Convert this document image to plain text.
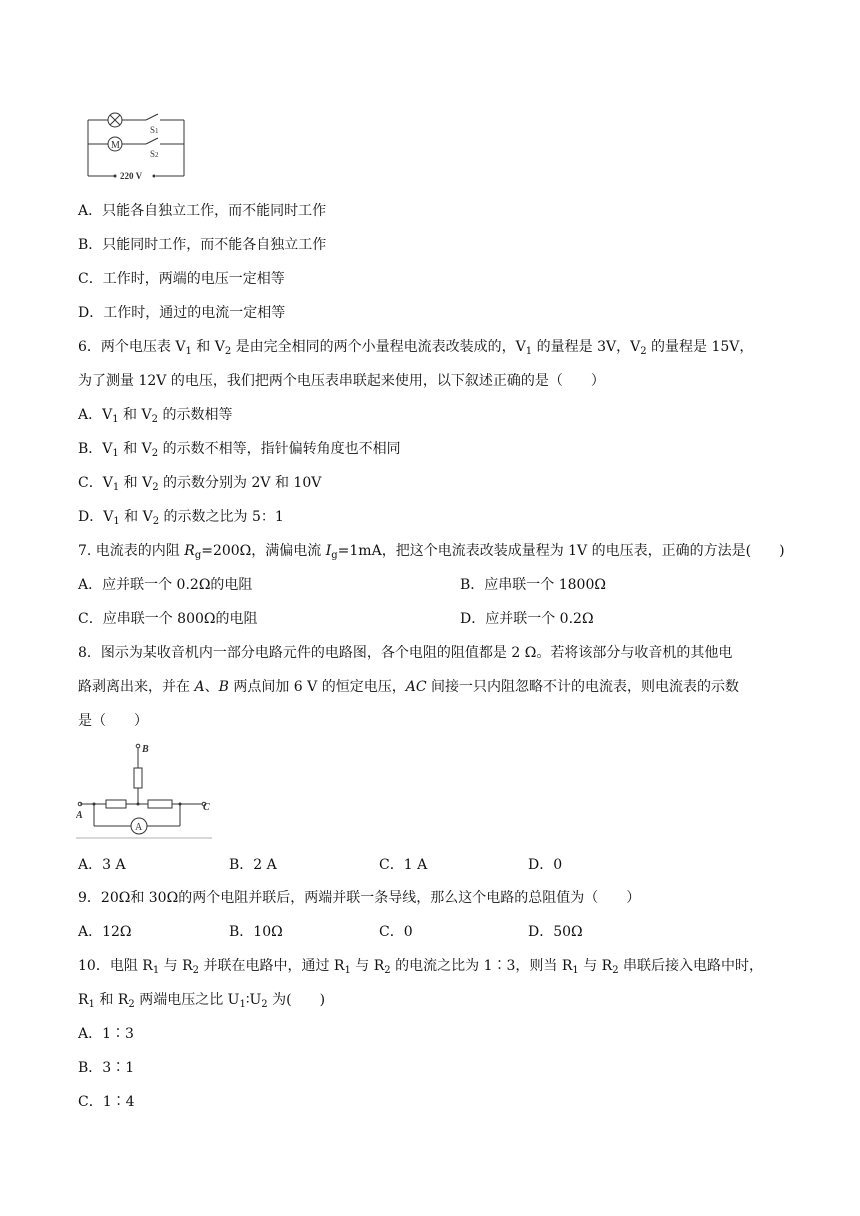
M
S1
S2
220 V
A．只能各自独立工作，而不能同时工作
B．只能同时工作，而不能各自独立工作
C．工作时，两端的电压一定相等
D．工作时，通过的电流一定相等
6．两个电压表 $V_1$ 和 $V_2$ 是由完全相同的两个小量程电流表改装成的，$V_1$ 的量程是 3V，$V_2$ 的量程是 15V，
为了测量 12V 的电压，我们把两个电压表串联起来使用，以下叙述正确的是（　　）
A．$V_1$ 和 $V_2$ 的示数相等
B．$V_1$ 和 $V_2$ 的示数不相等，指针偏转角度也不相同
C．$V_1$ 和 $V_2$ 的示数分别为 2V 和 10V
D．$V_1$ 和 $V_2$ 的示数之比为 5：1
7. 电流表的内阻 $R_g=200\Omega$，满偏电流 $I_g=1mA$，把这个电流表改装成量程为 1V 的电压表，正确的方法是(　　)
A．应并联一个 0.2Ω的电阻	B．应串联一个 1800Ω
C．应串联一个 800Ω的电阻	D．应并联一个 0.2Ω
8．图示为某收音机内一部分电路元件的电路图，各个电阻的阻值都是 2 Ω。若将该部分与收音机的其他电
路剥离出来，并在 A、B 两点间加 6 V 的恒定电压，AC 间接一只内阻忽略不计的电流表，则电流表的示数
是（　　）
B
A
C
A
A．3 A	B．2 A	C．1 A	D．0
9．20Ω和 30Ω的两个电阻并联后，两端并联一条导线，那么这个电路的总阻值为（　　）
A．12Ω	B．10Ω	C．0	D．50Ω
10．电阻 $R_1$ 与 $R_2$ 并联在电路中，通过 $R_1$ 与 $R_2$ 的电流之比为 1∶3，则当 $R_1$ 与 $R_2$ 串联后接入电路中时，
$R_1$ 和 $R_2$ 两端电压之比 $U_1∶U_2$ 为(　　)
A．1∶3
B．3∶1
C．1∶4
